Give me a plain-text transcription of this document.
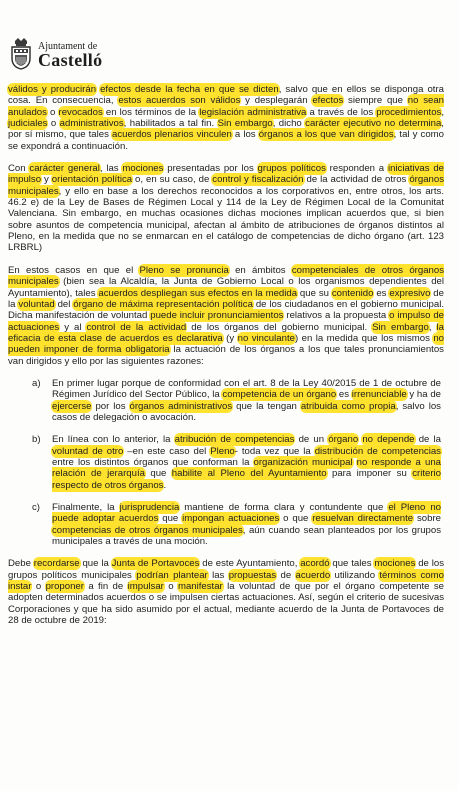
Ajuntament de
Castelló

válidos y producirán efectos desde la fecha en que se dicten, salvo que en ellos se disponga otra cosa. En consecuencia, estos acuerdos son válidos y desplegarán efectos siempre que no sean anulados o revocados en los términos de la legislación administrativa a través de los procedimientos, judiciales o administrativos, habilitados a tal fin. Sin embargo, dicho carácter ejecutivo no determina, por sí mismo, que tales acuerdos plenarios vinculen a los órganos a los que van dirigidos, tal y como se expondrá a continuación.

Con carácter general, las mociones presentadas por los grupos políticos responden a iniciativas de impulso y orientación política o, en su caso, de control y fiscalización de la actividad de otros órganos municipales, y ello en base a los derechos reconocidos a los corporativos en, entre otros, los arts. 46.2 e) de la Ley de Bases de Régimen Local y 114 de la Ley de Régimen Local de la Comunitat Valenciana. Sin embargo, en muchas ocasiones dichas mociones implican acuerdos que, si bien sobre asuntos de competencia municipal, afectan al ámbito de atribuciones de órganos distintos al Pleno, en la medida que no se enmarcan en el catálogo de competencias de dicho órgano (art. 123 LRBRL)

En estos casos en que el Pleno se pronuncia en ámbitos competenciales de otros órganos municipales (bien sea la Alcaldía, la Junta de Gobierno Local o los organismos dependientes del Ayuntamiento), tales acuerdos despliegan sus efectos en la medida que su contenido es expresivo de la voluntad del órgano de máxima representación política de los ciudadanos en el gobierno municipal. Dicha manifestación de voluntad puede incluir pronunciamientos relativos a la propuesta o impulso de actuaciones y al control de la actividad de los órganos del gobierno municipal. Sin embargo, la eficacia de esta clase de acuerdos es declarativa (y no vinculante) en la medida que los mismos no pueden imponer de forma obligatoria la actuación de los órganos a los que tales pronunciamientos van dirigidos y ello por las siguientes razones:

a)	En primer lugar porque de conformidad con el art. 8 de la Ley 40/2015 de 1 de octubre de Régimen Jurídico del Sector Público, la competencia de un órgano es irrenunciable y ha de ejercerse por los órganos administrativos que la tengan atribuida como propia, salvo los casos de delegación o avocación.

b)	En línea con lo anterior, la atribución de competencias de un órgano no depende de la voluntad de otro –en este caso del Pleno- toda vez que la distribución de competencias entre los distintos órganos que conforman la organización municipal no responde a una relación de jerarquía que habilite al Pleno del Ayuntamiento para imponer su criterio respecto de otros órganos.

c)	Finalmente, la jurisprudencia mantiene de forma clara y contundente que el Pleno no puede adoptar acuerdos que impongan actuaciones o que resuelvan directamente sobre competencias de otros órganos municipales, aún cuando sean planteados por los grupos municipales a través de una moción.

Debe recordarse que la Junta de Portavoces de este Ayuntamiento, acordó que tales mociones de los grupos políticos municipales podrían plantear las propuestas de acuerdo utilizando términos como instar o proponer a fin de impulsar o manifestar la voluntad de que por el órgano competente se adopten determinados acuerdos o se impulsen ciertas actuaciones. Así, según el criterio de sucesivas Corporaciones y que ha sido asumido por el actual, mediante acuerdo de la Junta de Portavoces de 28 de octubre de 2019:
